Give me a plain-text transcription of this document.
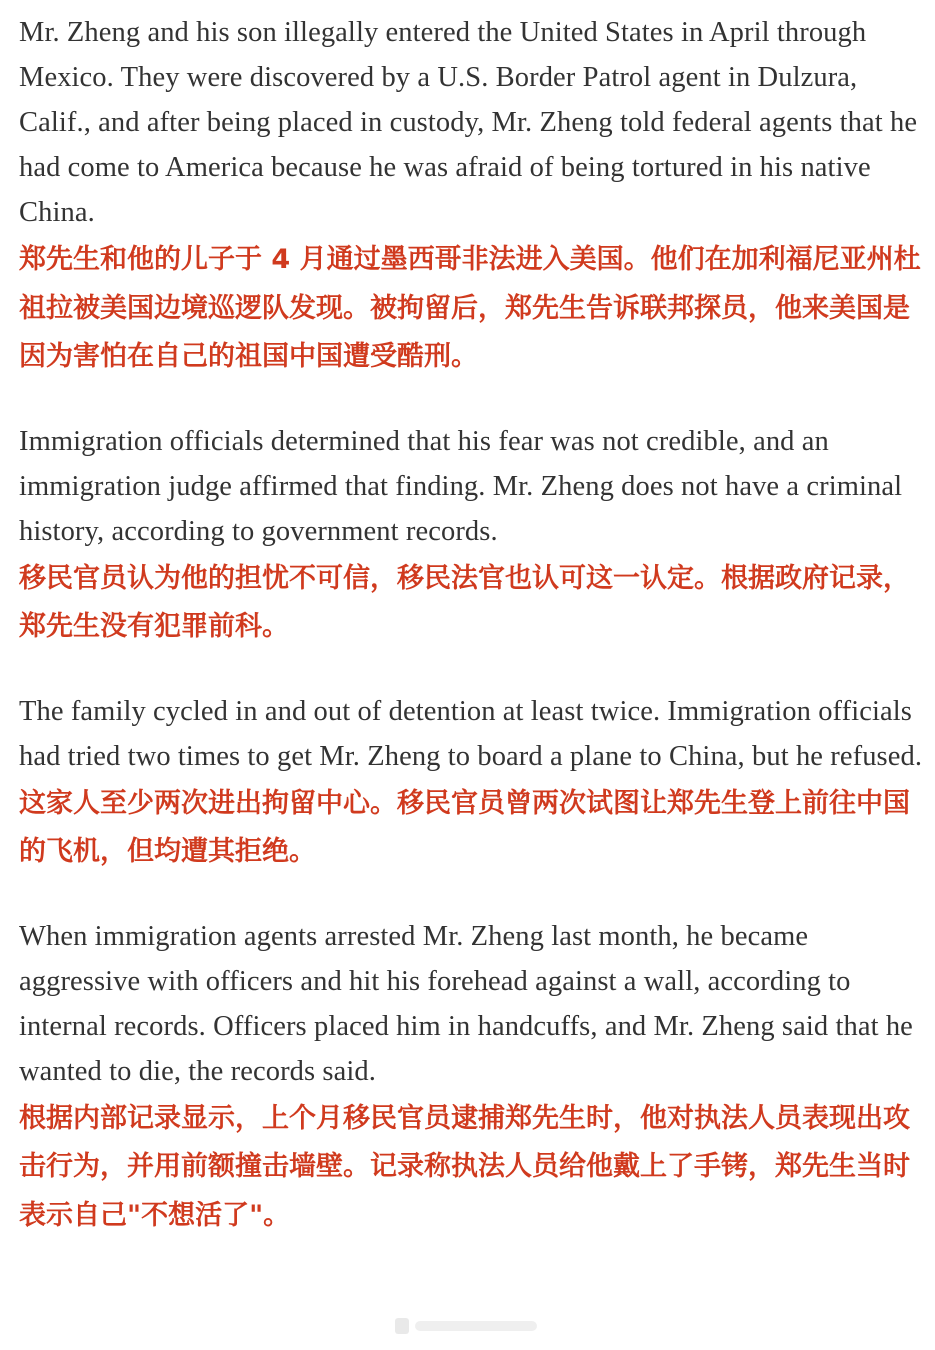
Mr. Zheng and his son illegally entered the United States in April through Mexico. They were discovered by a U.S. Border Patrol agent in Dulzura, Calif., and after being placed in custody, Mr. Zheng told federal agents that he had come to America because he was afraid of being tortured in his native China.

郑先生和他的儿子于 4 月通过墨西哥非法进入美国。他们在加利福尼亚州杜祖拉被美国边境巡逻队发现。被拘留后，郑先生告诉联邦探员，他来美国是因为害怕在自己的祖国中国遭受酷刑。

Immigration officials determined that his fear was not credible, and an immigration judge affirmed that finding. Mr. Zheng does not have a criminal history, according to government records.

移民官员认为他的担忧不可信，移民法官也认可这一认定。根据政府记录，郑先生没有犯罪前科。

The family cycled in and out of detention at least twice. Immigration officials had tried two times to get Mr. Zheng to board a plane to China, but he refused.

这家人至少两次进出拘留中心。移民官员曾两次试图让郑先生登上前往中国的飞机，但均遭其拒绝。

When immigration agents arrested Mr. Zheng last month, he became aggressive with officers and hit his forehead against a wall, according to internal records. Officers placed him in handcuffs, and Mr. Zheng said that he wanted to die, the records said.

根据内部记录显示，上个月移民官员逮捕郑先生时，他对执法人员表现出攻击行为，并用前额撞击墙壁。记录称执法人员给他戴上了手铐，郑先生当时表示自己"不想活了"。
